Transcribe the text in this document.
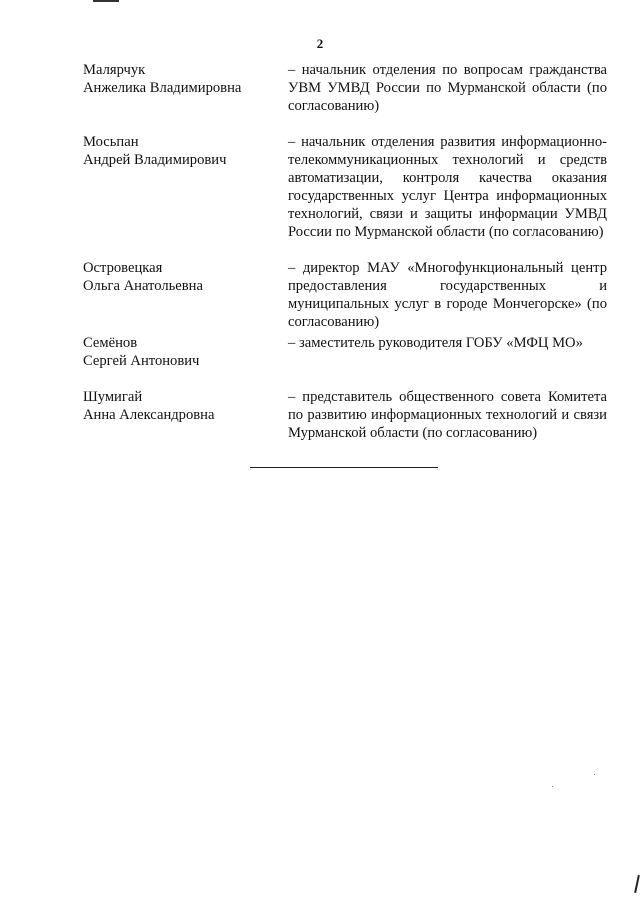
2
Малярчук
Анжелика Владимировна
– начальник отделения по вопросам гражданства УВМ УМВД России по Мурманской области (по согласованию)
Мосьпан
Андрей Владимирович
– начальник отделения развития информационно-телекоммуникационных технологий и средств автоматизации, контроля качества оказания государственных услуг Центра информационных технологий, связи и защиты информации УМВД России по Мурманской области (по согласованию)
Островецкая
Ольга Анатольевна
– директор МАУ «Многофункциональный центр предоставления государственных и муниципальных услуг в городе Мончегорске» (по согласованию)
Семёнов
Сергей Антонович
– заместитель руководителя ГОБУ «МФЦ МО»
Шумигай
Анна Александровна
– представитель общественного совета Комитета по развитию информационных технологий и связи Мурманской области (по согласованию)
